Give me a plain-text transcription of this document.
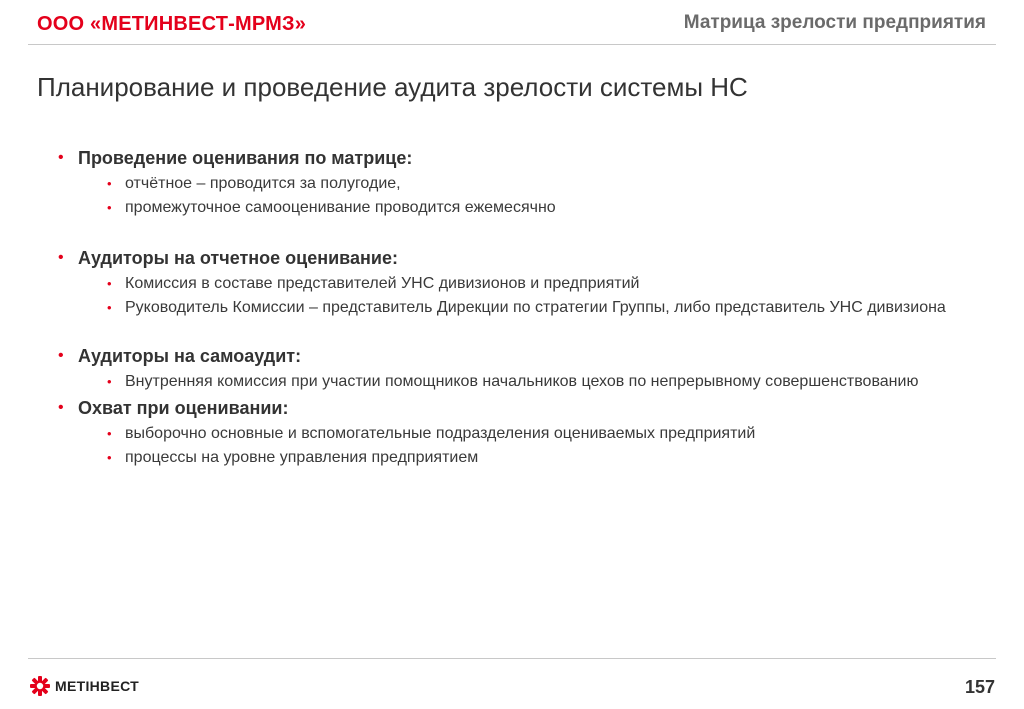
ООО «МЕТИНВЕСТ-МРМЗ»	Матрица зрелости предприятия
Планирование и проведение аудита зрелости системы НС
• Проведение оценивания по матрице:
• отчётное – проводится за полугодие,
• промежуточное самооценивание проводится ежемесячно
• Аудиторы на отчетное оценивание:
• Комиссия в составе представителей УНС дивизионов и предприятий
• Руководитель Комиссии – представитель Дирекции по стратегии Группы, либо представитель УНС дивизиона
• Аудиторы на самоаудит:
• Внутренняя комиссия при участии помощников начальников цехов по непрерывному совершенствованию
• Охват при оценивании:
• выборочно основные и вспомогательные подразделения оцениваемых предприятий
• процессы на уровне управления предприятием
МЕТІНВЕСТ	157
